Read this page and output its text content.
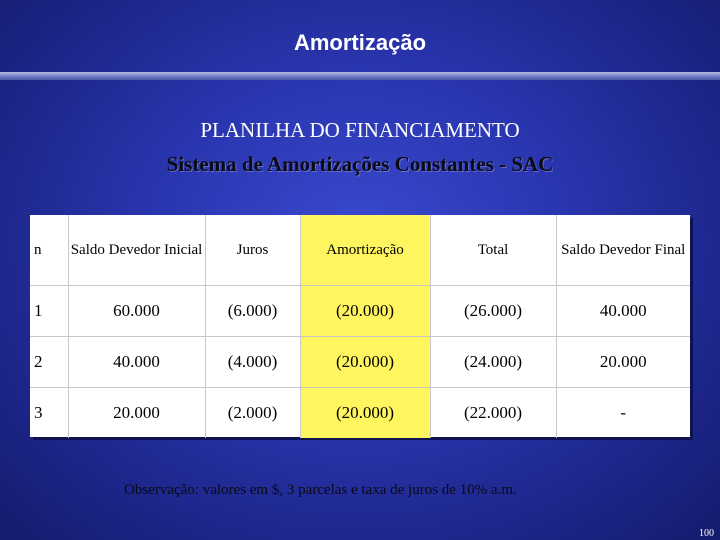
Amortização
PLANILHA DO FINANCIAMENTO
Sistema de Amortizações Constantes - SAC
n	Saldo Devedor Inicial	Juros	Amortização	Total	Saldo Devedor Final
1	60.000	(6.000)	(20.000)	(26.000)	40.000
2	40.000	(4.000)	(20.000)	(24.000)	20.000
3	20.000	(2.000)	(20.000)	(22.000)	-
Observação: valores em $, 3 parcelas e taxa de juros de 10% a.m.
100
